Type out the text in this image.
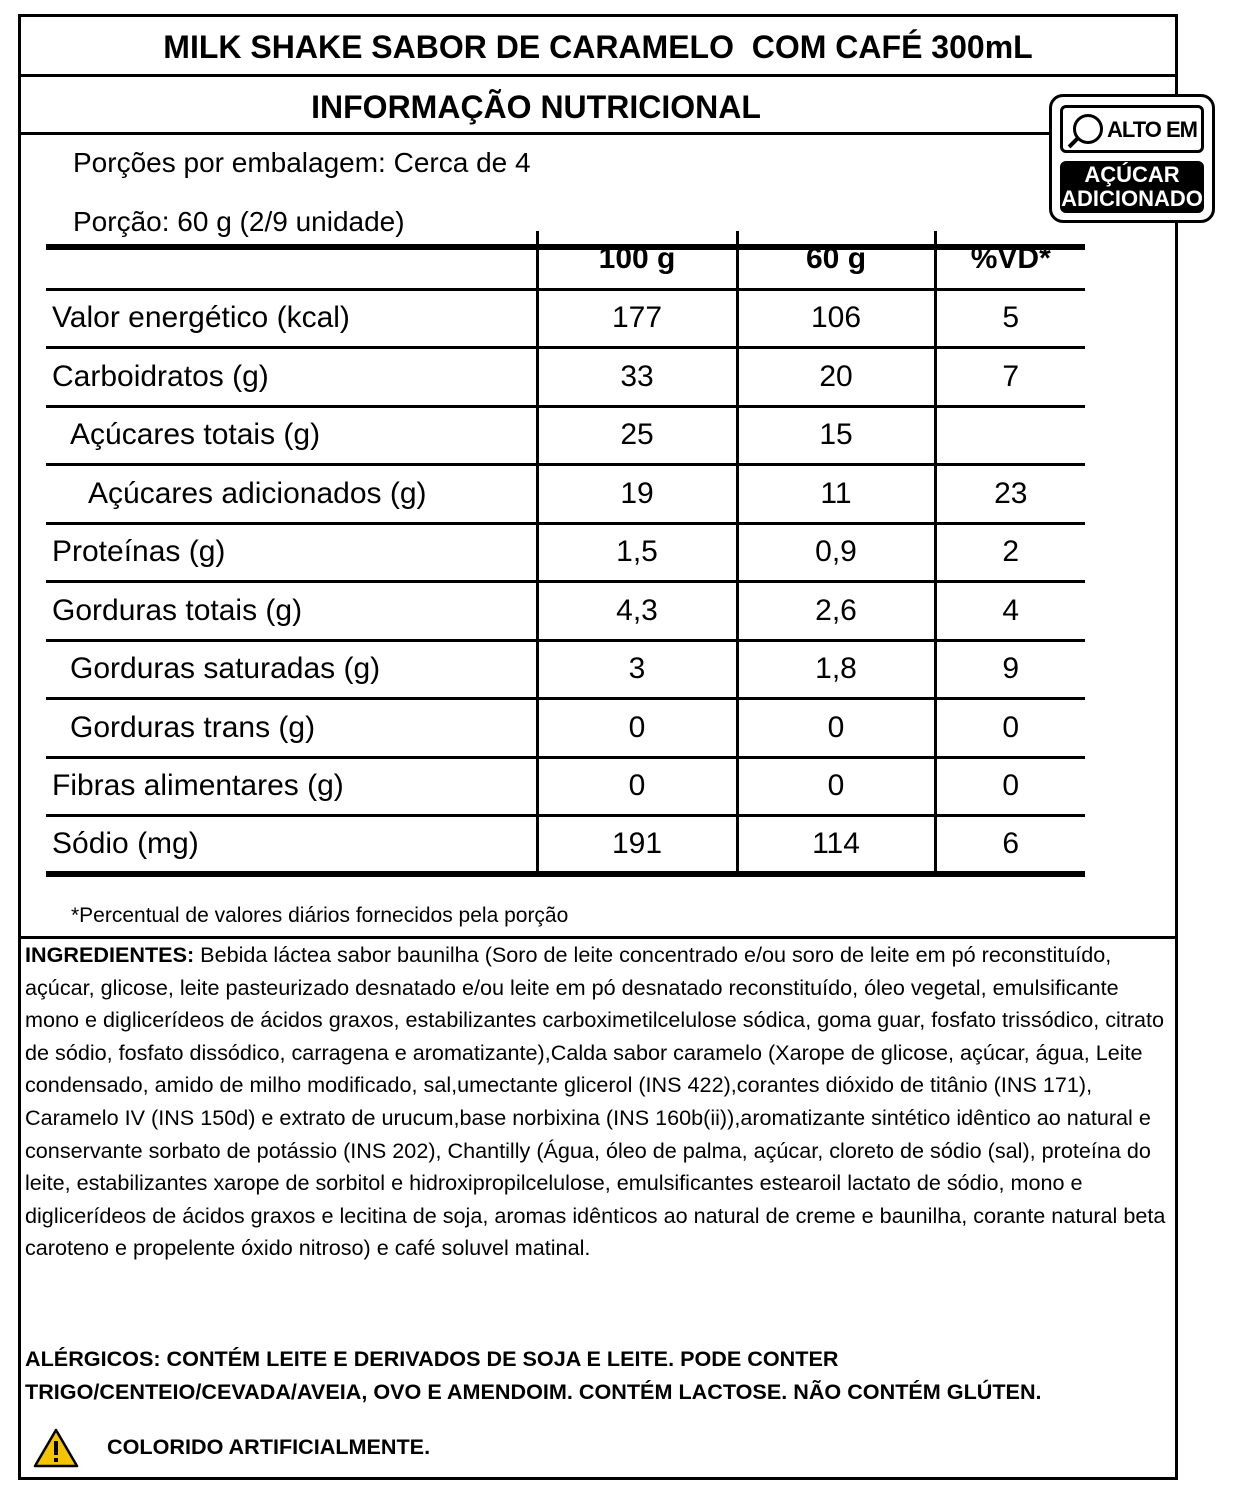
MILK SHAKE SABOR DE CARAMELO  COM CAFÉ 300mL
INFORMAÇÃO NUTRICIONAL
Porções por embalagem: Cerca de 4
Porção: 60 g (2/9 unidade)
*Percentual de valores diários fornecidos pela porção
INGREDIENTES: Bebida láctea sabor baunilha (Soro de leite concentrado e/ou soro de leite em pó reconstituído, açúcar, glicose, leite pasteurizado desnatado e/ou leite em pó desnatado reconstituído, óleo vegetal, emulsificante mono e diglicerídeos de ácidos graxos, estabilizantes carboximetilcelulose sódica, goma guar, fosfato trissódico, citrato de sódio, fosfato dissódico, carragena e aromatizante),Calda sabor caramelo (Xarope de glicose, açúcar, água, Leite condensado, amido de milho modificado, sal,umectante glicerol (INS 422),corantes dióxido de titânio (INS 171), Caramelo IV (INS 150d) e extrato de urucum,base norbixina (INS 160b(ii)),aromatizante sintético idêntico ao natural e conservante sorbato de potássio (INS 202), Chantilly (Água, óleo de palma, açúcar, cloreto de sódio (sal), proteína do leite, estabilizantes xarope de sorbitol e hidroxipropilcelulose, emulsificantes estearoil lactato de sódio, mono e diglicerídeos de ácidos graxos e lecitina de soja, aromas idênticos ao natural de creme e baunilha, corante natural beta caroteno e propelente óxido nitroso) e café soluvel matinal.
ALÉRGICOS: CONTÉM LEITE E DERIVADOS DE SOJA E LEITE. PODE CONTER TRIGO/CENTEIO/CEVADA/AVEIA, OVO E AMENDOIM. CONTÉM LACTOSE. NÃO CONTÉM GLÚTEN.
COLORIDO ARTIFICIALMENTE.
	100 g	60 g	%VD*
Valor energético (kcal)	177	106	5
Carboidratos (g)	33	20	7
Açúcares totais (g)	25	15	
Açúcares adicionados (g)	19	11	23
Proteínas (g)	1,5	0,9	2
Gorduras totais (g)	4,3	2,6	4
Gorduras saturadas (g)	3	1,8	9
Gorduras trans (g)	0	0	0
Fibras alimentares (g)	0	0	0
Sódio (mg)	191	114	6
ALTO EM
AÇÚCAR
ADICIONADO
